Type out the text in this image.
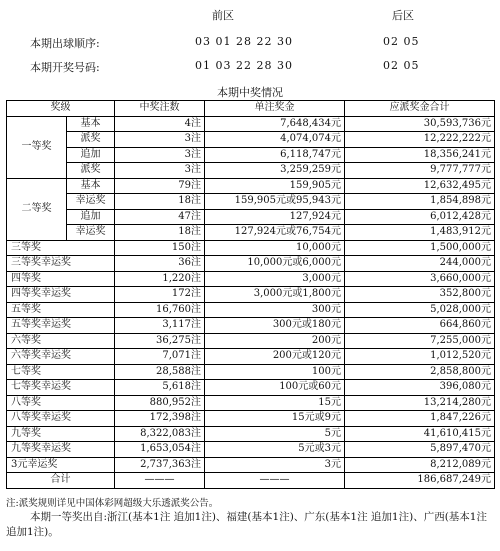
前区	后区
本期出球顺序:	03 01 28 22 30	02 05
本期开奖号码:	01 03 22 28 30	02 05
本期中奖情况
奖级		中奖注数	单注奖金	应派奖金合计
一等奖	基本	4注	7,648,434元	30,593,736元
	派奖	3注	4,074,074元	12,222,222元
	追加	3注	6,118,747元	18,356,241元
	派奖	3注	3,259,259元	9,777,777元
二等奖	基本	79注	159,905元	12,632,495元
	幸运奖	18注	159,905元或95,943元	1,854,898元
	追加	47注	127,924元	6,012,428元
	幸运奖	18注	127,924元或76,754元	1,483,912元
三等奖		150注	10,000元	1,500,000元
三等奖幸运奖		36注	10,000元或6,000元	244,000元
四等奖		1,220注	3,000元	3,660,000元
四等奖幸运奖		172注	3,000元或1,800元	352,800元
五等奖		16,760注	300元	5,028,000元
五等奖幸运奖		3,117注	300元或180元	664,860元
六等奖		36,275注	200元	7,255,000元
六等奖幸运奖		7,071注	200元或120元	1,012,520元
七等奖		28,588注	100元	2,858,800元
七等奖幸运奖		5,618注	100元或60元	396,080元
八等奖		880,952注	15元	13,214,280元
八等奖幸运奖		172,398注	15元或9元	1,847,226元
九等奖		8,322,083注	5元	41,610,415元
九等奖幸运奖		1,653,054注	5元或3元	5,897,470元
3元幸运奖		2,737,363注	3元	8,212,089元
合计		———	———	186,687,249元

注:派奖规则详见中国体彩网超级大乐透派奖公告。

本期一等奖出自:浙江(基本1注 追加1注)、福建(基本1注)、广东(基本1注 追加1注)、广西(基本1注 追加1注)。
